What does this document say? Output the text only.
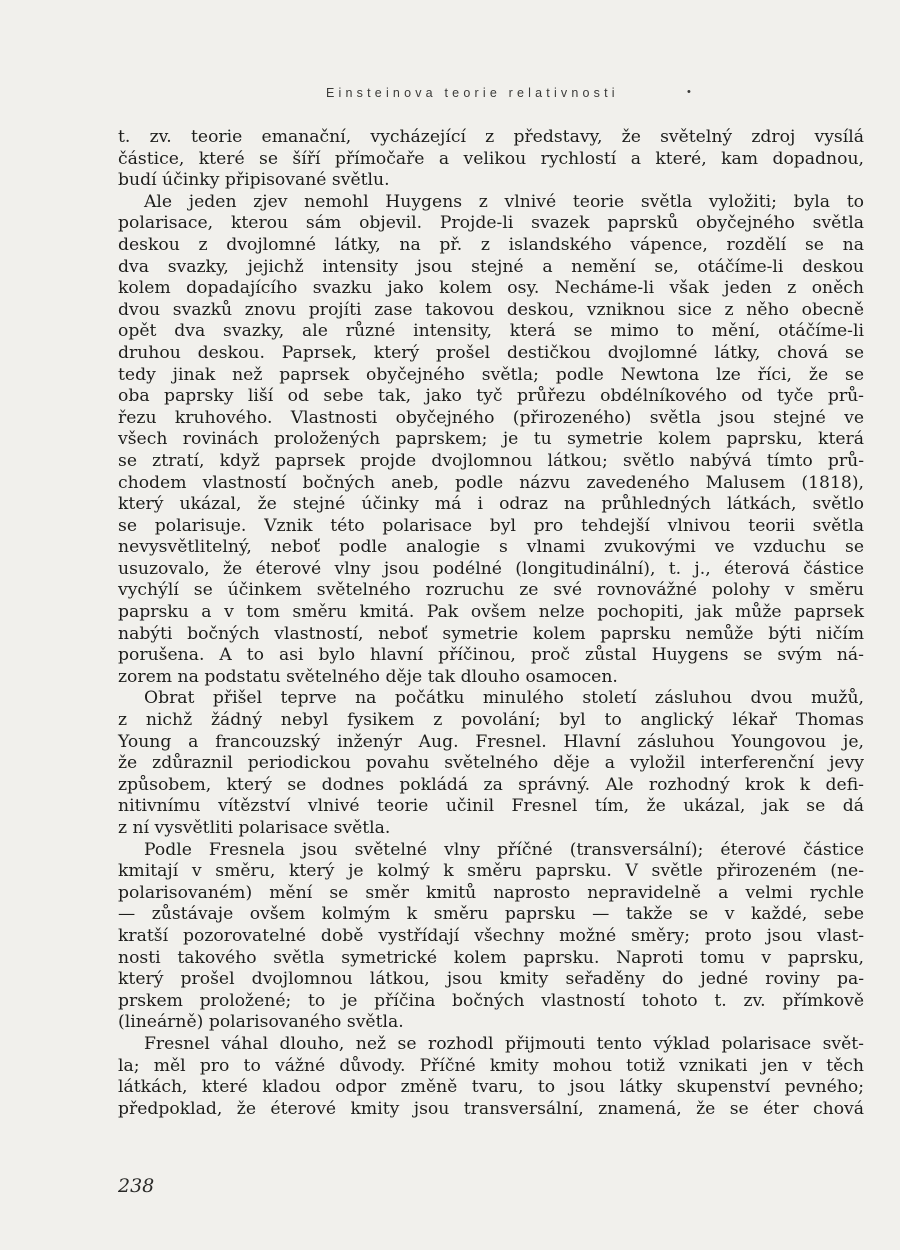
Einsteinova teorie relativnosti	•
t. zv. teorie emanační, vycházející z představy, že světelný zdroj vysílá
částice, které se šíří přímočaře a velikou rychlostí a které, kam dopadnou,
budí účinky připisované světlu.
Ale jeden zjev nemohl Huygens z vlnivé teorie světla vyložiti; byla to
polarisace, kterou sám objevil. Projde-li svazek paprsků obyčejného světla
deskou z dvojlomné látky, na př. z islandského vápence, rozdělí se na
dva svazky, jejichž intensity jsou stejné a nemění se, otáčíme-li deskou
kolem dopadajícího svazku jako kolem osy. Necháme-li však jeden z oněch
dvou svazků znovu projíti zase takovou deskou, vzniknou sice z něho obecně
opět dva svazky, ale různé intensity, která se mimo to mění, otáčíme-li
druhou deskou. Paprsek, který prošel destičkou dvojlomné látky, chová se
tedy jinak než paprsek obyčejného světla; podle Newtona lze říci, že se
oba paprsky liší od sebe tak, jako tyč průřezu obdélníkového od tyče prů-
řezu kruhového. Vlastnosti obyčejného (přirozeného) světla jsou stejné ve
všech rovinách proložených paprskem; je tu symetrie kolem paprsku, která
se ztratí, když paprsek projde dvojlomnou látkou; světlo nabývá tímto prů-
chodem vlastností bočných aneb, podle názvu zavedeného Malusem (1818),
který ukázal, že stejné účinky má i odraz na průhledných látkách, světlo
se polarisuje. Vznik této polarisace byl pro tehdejší vlnivou teorii světla
nevysvětlitelný, neboť podle analogie s vlnami zvukovými ve vzduchu se
usuzovalo, že éterové vlny jsou podélné (longitudinální), t. j., éterová částice
vychýlí se účinkem světelného rozruchu ze své rovnovážné polohy v směru
paprsku a v tom směru kmitá. Pak ovšem nelze pochopiti, jak může paprsek
nabýti bočných vlastností, neboť symetrie kolem paprsku nemůže býti ničím
porušena. A to asi bylo hlavní příčinou, proč zůstal Huygens se svým ná-
zorem na podstatu světelného děje tak dlouho osamocen.
Obrat přišel teprve na počátku minulého století zásluhou dvou mužů,
z nichž žádný nebyl fysikem z povolání; byl to anglický lékař Thomas
Young a francouzský inženýr Aug. Fresnel. Hlavní zásluhou Youngovou je,
že zdůraznil periodickou povahu světelného děje a vyložil interferenční jevy
způsobem, který se dodnes pokládá za správný. Ale rozhodný krok k defi-
nitivnímu vítězství vlnivé teorie učinil Fresnel tím, že ukázal, jak se dá
z ní vysvětliti polarisace světla.
Podle Fresnela jsou světelné vlny příčné (transversální); éterové částice
kmitají v směru, který je kolmý k směru paprsku. V světle přirozeném (ne-
polarisovaném) mění se směr kmitů naprosto nepravidelně a velmi rychle
— zůstávaje ovšem kolmým k směru paprsku — takže se v každé, sebe
kratší pozorovatelné době vystřídají všechny možné směry; proto jsou vlast-
nosti takového světla symetrické kolem paprsku. Naproti tomu v paprsku,
který prošel dvojlomnou látkou, jsou kmity seřaděny do jedné roviny pa-
prskem proložené; to je příčina bočných vlastností tohoto t. zv. přímkově
(lineárně) polarisovaného světla.
Fresnel váhal dlouho, než se rozhodl přijmouti tento výklad polarisace svět-
la; měl pro to vážné důvody. Příčné kmity mohou totiž vznikati jen v těch
látkách, které kladou odpor změně tvaru, to jsou látky skupenství pevného;
předpoklad, že éterové kmity jsou transversální, znamená, že se éter chová
238
